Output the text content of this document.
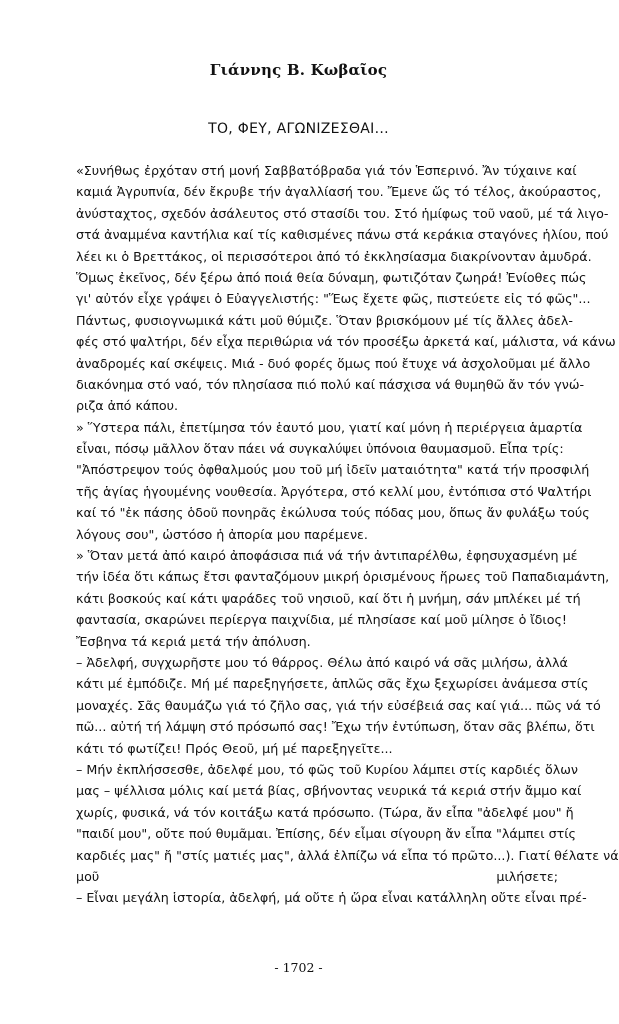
Γιάννης Β. Κωβαῖος
ΤΟ, ΦΕΥ, ΑΓΩΝΙΖΕΣΘΑΙ...
«Συνήθως ἐρχόταν στή μονή Σαββατόβραδα γιά τόν Ἑσπερινό. Ἄν τύχαινε καί
καμιά Ἀγρυπνία, δέν ἔκρυβε τήν ἀγαλλίασή του. Ἔμενε ὥς τό τέλος, ἀκούραστος,
ἀνύσταχτος, σχεδόν ἀσάλευτος στό στασίδι του. Στό ἡμίφως τοῦ ναοῦ, μέ τά λιγο-
στά ἀναμμένα καντήλια καί τίς καθισμένες πάνω στά κεράκια σταγόνες ἡλίου, πού
λέει κι ὁ Βρεττάκος, οἱ περισσότεροι ἀπό τό ἐκκλησίασμα διακρίνονταν ἀμυδρά.
Ὅμως ἐκεῖνος, δέν ξέρω ἀπό ποιά θεία δύναμη, φωτιζόταν ζωηρά! Ἐνίοθες πώς
γι' αὐτόν εἶχε γράψει ὁ Εὐαγγελιστής: "Ἕως ἔχετε φῶς, πιστεύετε εἰς τό φῶς"...
Πάντως, φυσιογνωμικά κάτι μοῦ θύμιζε. Ὅταν βρισκόμουν μέ τίς ἄλλες ἀδελ-
φές στό ψαλτήρι, δέν εἶχα περιθώρια νά τόν προσέξω ἀρκετά καί, μάλιστα, νά κάνω
ἀναδρομές καί σκέψεις. Μιά - δυό φορές ὅμως πού ἔτυχε νά ἀσχολοῦμαι μέ ἄλλο
διακόνημα στό ναό, τόν πλησίασα πιό πολύ καί πάσχισα νά θυμηθῶ ἄν τόν γνώ-
ριζα ἀπό κάπου.
» Ὕστερα πάλι, ἐπετίμησα τόν ἑαυτό μου, γιατί καί μόνη ἡ περιέργεια ἁμαρτία
εἶναι, πόσῳ μᾶλλον ὅταν πάει νά συγκαλύψει ὑπόνοια θαυμασμοῦ. Εἶπα τρίς:
"Ἀπόστρεψον τούς ὀφθαλμούς μου τοῦ μή ἰδεῖν ματαιότητα" κατά τήν προσφιλή
τῆς ἁγίας ἡγουμένης νουθεσία. Ἀργότερα, στό κελλί μου, ἐντόπισα στό Ψαλτήρι
καί τό "ἐκ πάσης ὁδοῦ πονηρᾶς ἐκώλυσα τούς πόδας μου, ὅπως ἄν φυλάξω τούς
λόγους σου", ὡστόσο ἡ ἀπορία μου παρέμενε.
» Ὅταν μετά ἀπό καιρό ἀποφάσισα πιά νά τήν ἀντιπαρέλθω, ἐφησυχασμένη μέ
τήν ἰδέα ὅτι κάπως ἔτσι φανταζόμουν μικρή ὁρισμένους ἥρωες τοῦ Παπαδιαμάντη,
κάτι βοσκούς καί κάτι ψαράδες τοῦ νησιοῦ, καί ὅτι ἡ μνήμη, σάν μπλέκει μέ τή
φαντασία, σκαρώνει περίεργα παιχνίδια, μέ πλησίασε καί μοῦ μίλησε ὁ ἴδιος!
Ἔσβηνα τά κεριά μετά τήν ἀπόλυση.
– Ἀδελφή, συγχωρῆστε μου τό θάρρος. Θέλω ἀπό καιρό νά σᾶς μιλήσω, ἀλλά
κάτι μέ ἐμπόδιζε. Μή μέ παρεξηγήσετε, ἁπλῶς σᾶς ἔχω ξεχωρίσει ἀνάμεσα στίς
μοναχές. Σᾶς θαυμάζω γιά τό ζῆλο σας, γιά τήν εὐσέβειά σας καί γιά... πῶς νά τό
πῶ... αὐτή τή λάμψη στό πρόσωπό σας! Ἔχω τήν ἐντύπωση, ὅταν σᾶς βλέπω, ὅτι
κάτι τό φωτίζει! Πρός Θεοῦ, μή μέ παρεξηγεῖτε...
– Μήν ἐκπλήσσεσθε, ἀδελφέ μου, τό φῶς τοῦ Κυρίου λάμπει στίς καρδιές ὅλων
μας – ψέλλισα μόλις καί μετά βίας, σβήνοντας νευρικά τά κεριά στήν ἄμμο καί
χωρίς, φυσικά, νά τόν κοιτάξω κατά πρόσωπο. (Τώρα, ἄν εἶπα "ἀδελφέ μου" ἤ
"παιδί μου", οὔτε πού θυμᾶμαι. Ἐπίσης, δέν εἶμαι σίγουρη ἄν εἶπα "λάμπει στίς
καρδιές μας" ἤ "στίς ματιές μας", ἀλλά ἐλπίζω νά εἶπα τό πρῶτο...). Γιατί θέλατε νά
μοῦ μιλήσετε;
– Εἶναι μεγάλη ἱστορία, ἀδελφή, μά οὔτε ἡ ὥρα εἶναι κατάλληλη οὔτε εἶναι πρέ-
- 1702 -
